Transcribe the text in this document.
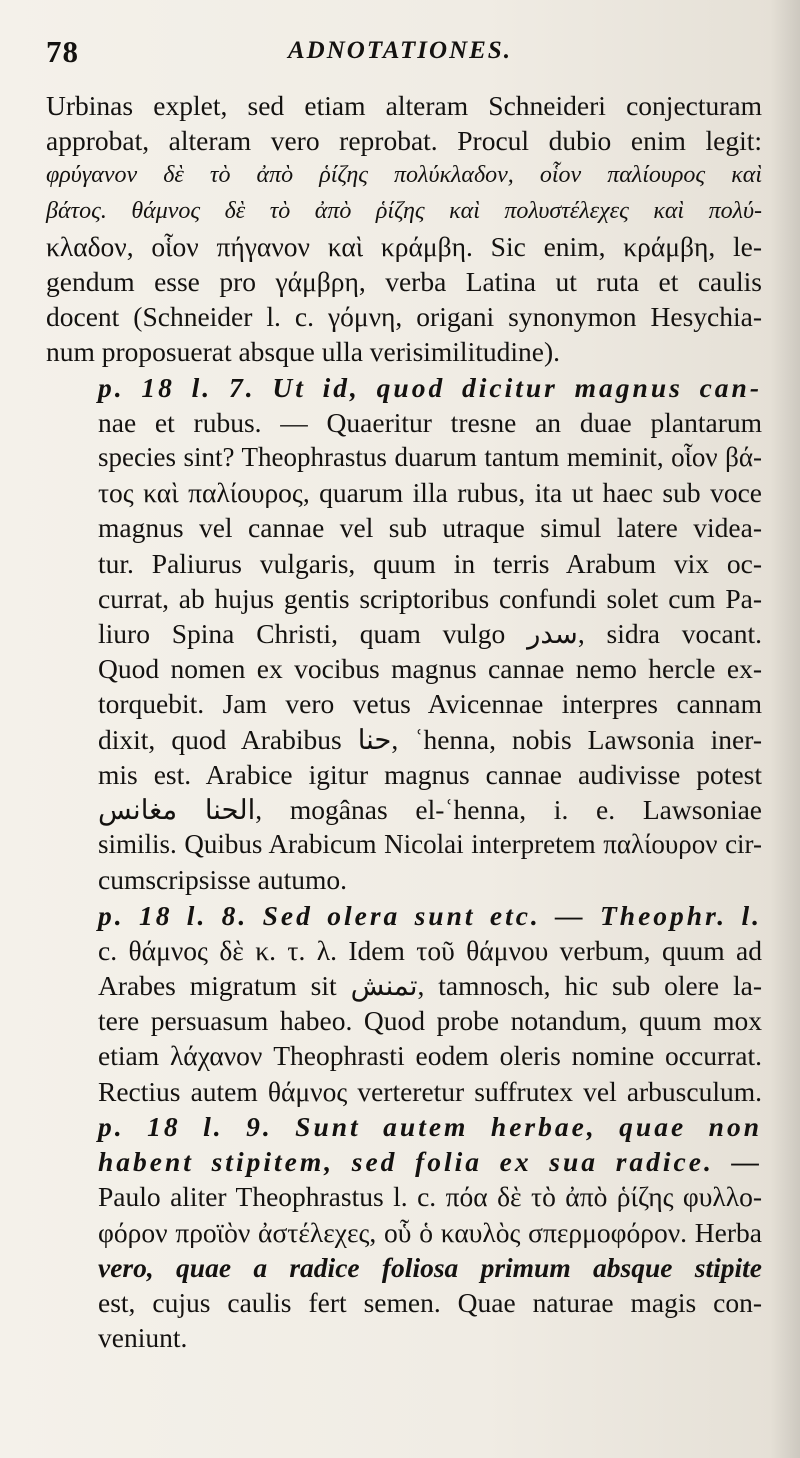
78	ADNOTATIONES.
Urbinas explet, sed etiam alteram Schneideri conjecturam
approbat, alteram vero reprobat. Procul dubio enim legit:
φρύγανον δὲ τὸ ἀπὸ ῥίζης πολύκλαδον, οἷον παλίουρος καὶ
βάτος. θάμνος δὲ τὸ ἀπὸ ῥίζης καὶ πολυστέλεχες καὶ πολύ-
κλαδον, οἷον πήγανον καὶ κράμβη. Sic enim, κράμβη, le-
gendum esse pro γάμβρη, verba Latina ut ruta et caulis
docent (Schneider l. c. γόμνη, origani synonymon Hesychia-
num proposuerat absque ulla verisimilitudine).
p. 18 l. 7. Ut id, quod dicitur magnus can-
nae et rubus. — Quaeritur tresne an duae plantarum
species sint? Theophrastus duarum tantum meminit, οἷον βά-
τος καὶ παλίουρος, quarum illa rubus, ita ut haec sub voce
magnus vel cannae vel sub utraque simul latere videa-
tur. Paliurus vulgaris, quum in terris Arabum vix oc-
currat, ab hujus gentis scriptoribus confundi solet cum Pa-
liuro Spina Christi, quam vulgo سدر, sidra vocant.
Quod nomen ex vocibus magnus cannae nemo hercle ex-
torquebit. Jam vero vetus Avicennae interpres cannam
dixit, quod Arabibus حنا, ʿhenna, nobis Lawsonia iner-
mis est. Arabice igitur magnus cannae audivisse potest
الحنا مغانس, mogânas el-ʿhenna, i. e. Lawsoniae
similis. Quibus Arabicum Nicolai interpretem παλίουρον cir-
cumscripsisse autumo.
p. 18 l. 8. Sed olera sunt etc. — Theophr. l.
c. θάμνος δὲ κ. τ. λ. Idem τοῦ θάμνου verbum, quum ad
Arabes migratum sit تمنش, tamnosch, hic sub olere la-
tere persuasum habeo. Quod probe notandum, quum mox
etiam λάχανον Theophrasti eodem oleris nomine occurrat.
Rectius autem θάμνος verteretur suffrutex vel arbusculum.
p. 18 l. 9. Sunt autem herbae, quae non
habent stipitem, sed folia ex sua radice. —
Paulo aliter Theophrastus l. c. πόα δὲ τὸ ἀπὸ ῥίζης φυλλο-
φόρον προϊὸν ἀστέλεχες, οὗ ὁ καυλὸς σπερμοφόρον. Herba
vero, quae a radice foliosa primum absque stipite
est, cujus caulis fert semen. Quae naturae magis con-
veniunt.
